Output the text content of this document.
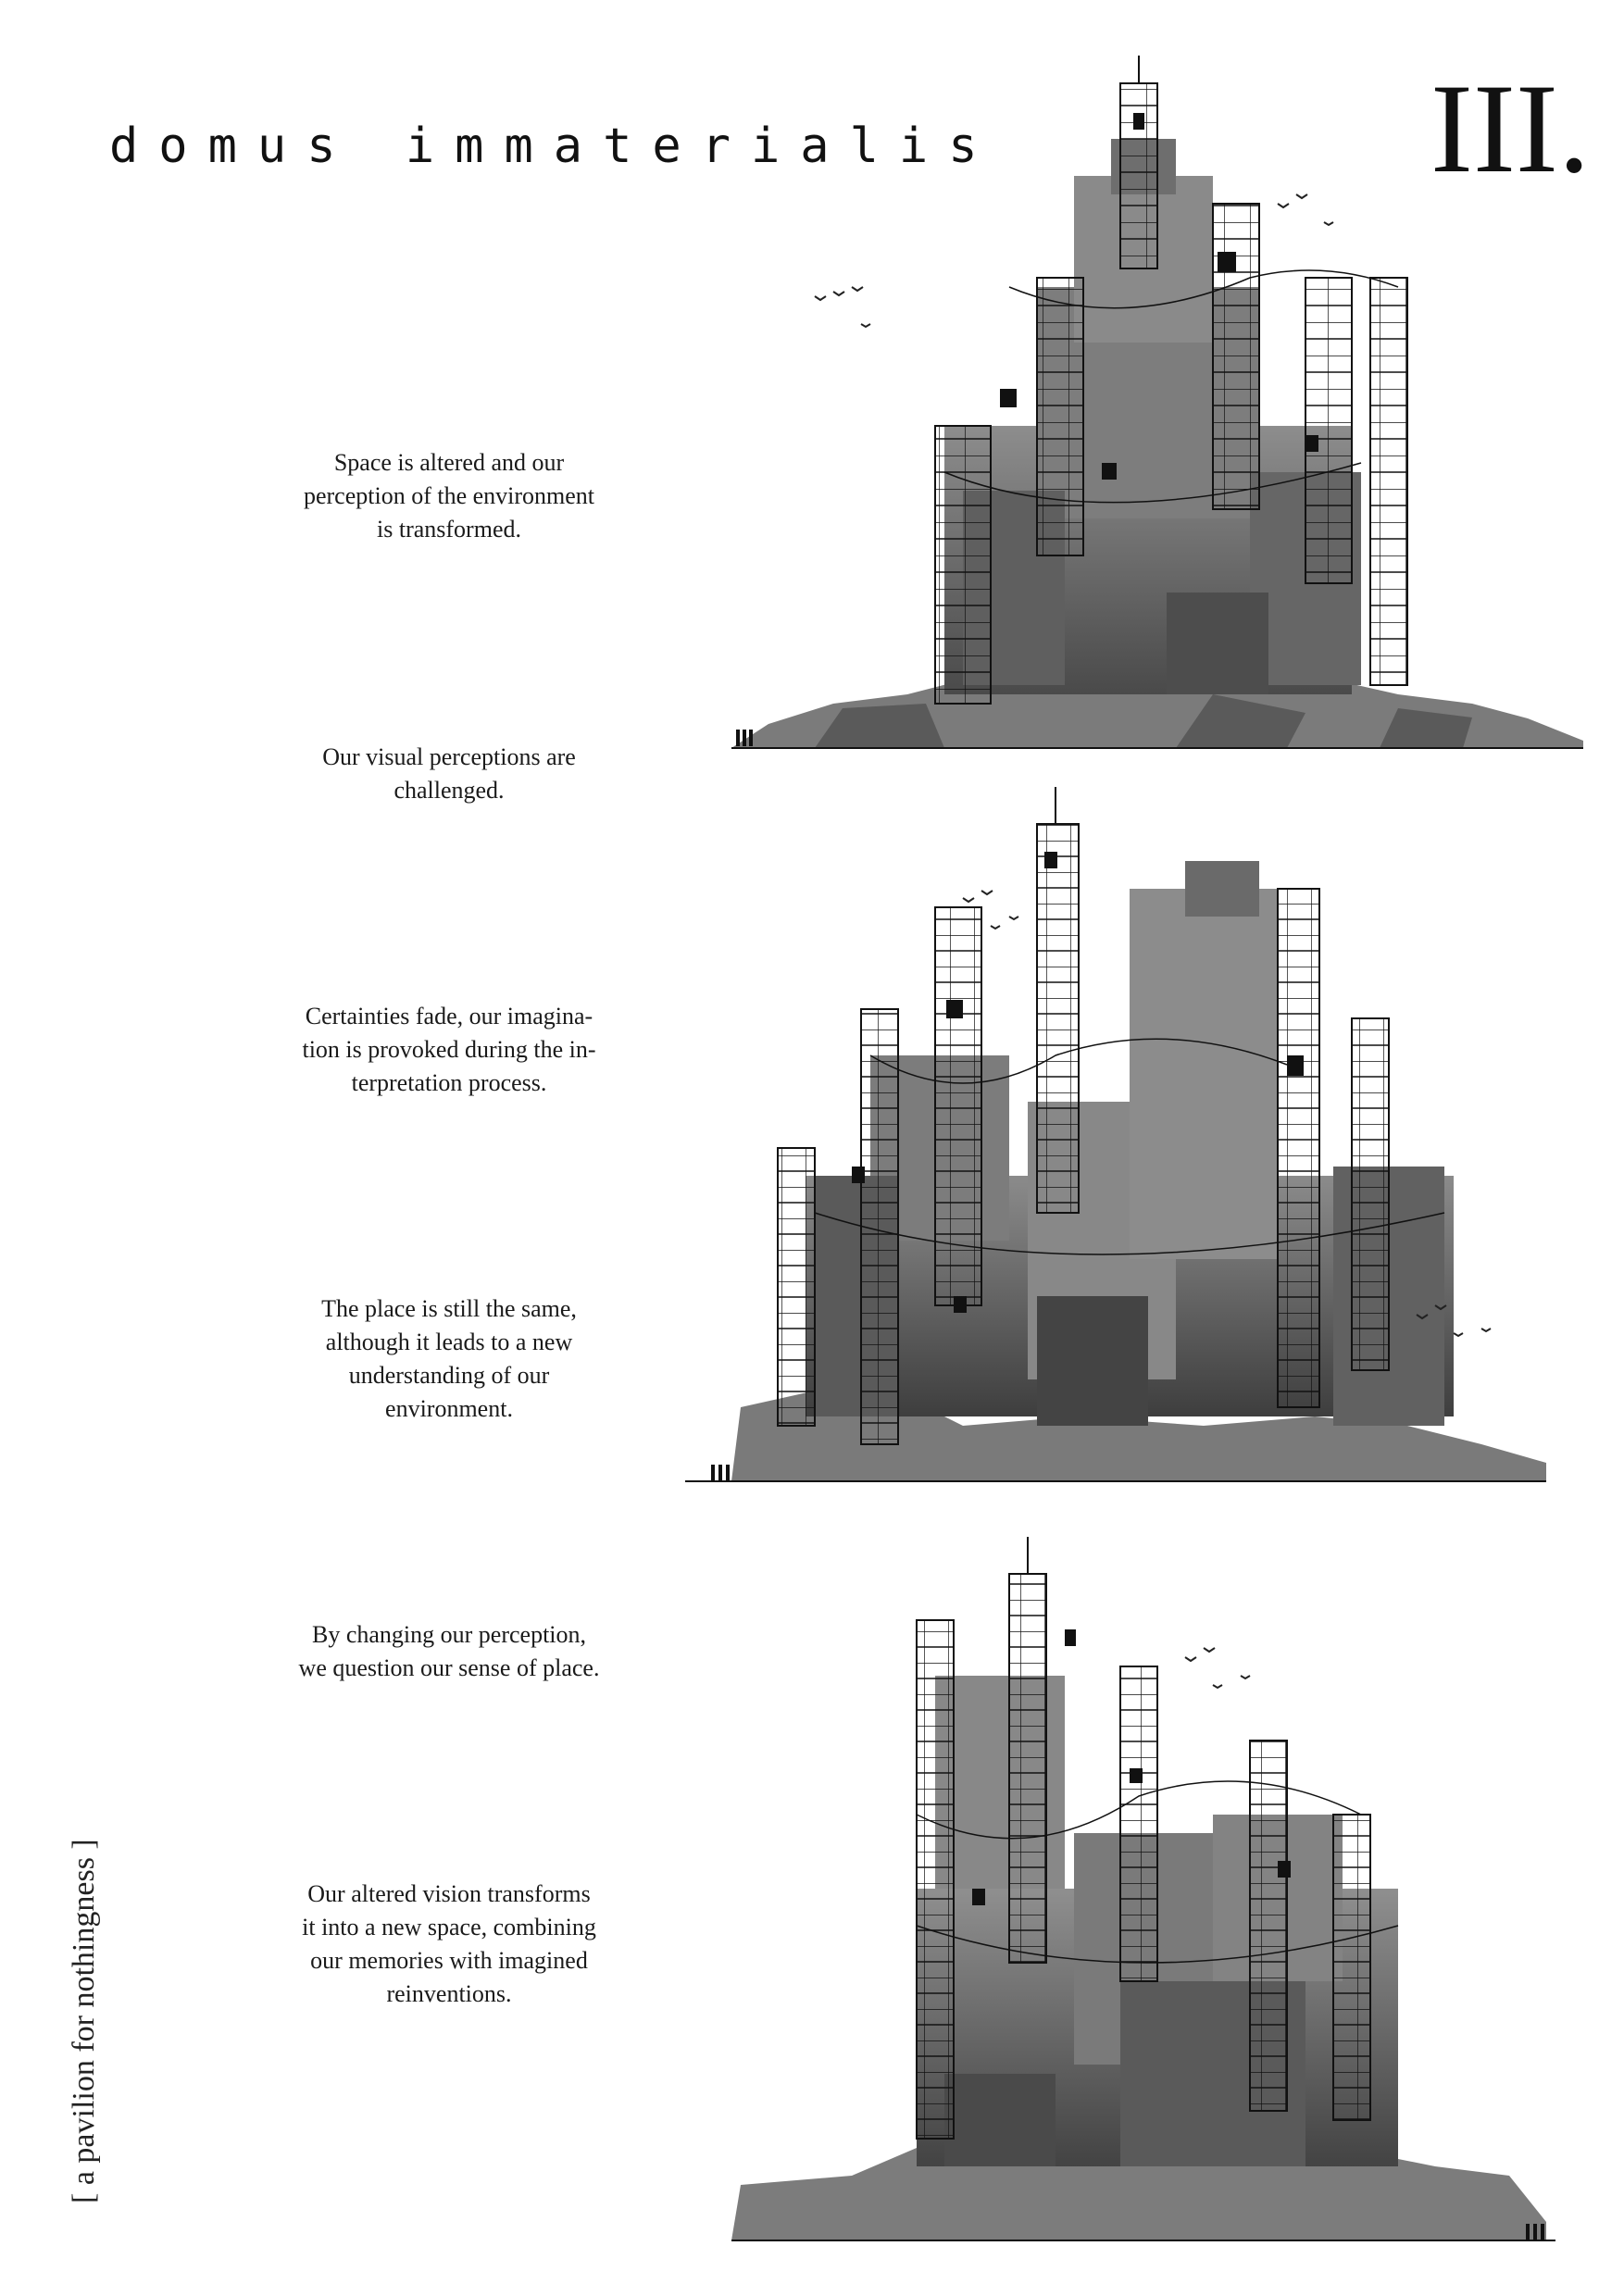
domus immaterialis	III.
[ a pavilion for nothingness ]
Space is altered and our
perception of the environment
is transformed.
Our visual perceptions are
challenged.
Certainties fade, our imagina-
tion is provoked during the in-
terpretation process.
The place is still the same,
although it leads to a new
understanding of our
environment.
By changing our perception,
we question our sense of place.
Our altered vision transforms
it into a new space, combining
our memories with imagined
reinventions.
